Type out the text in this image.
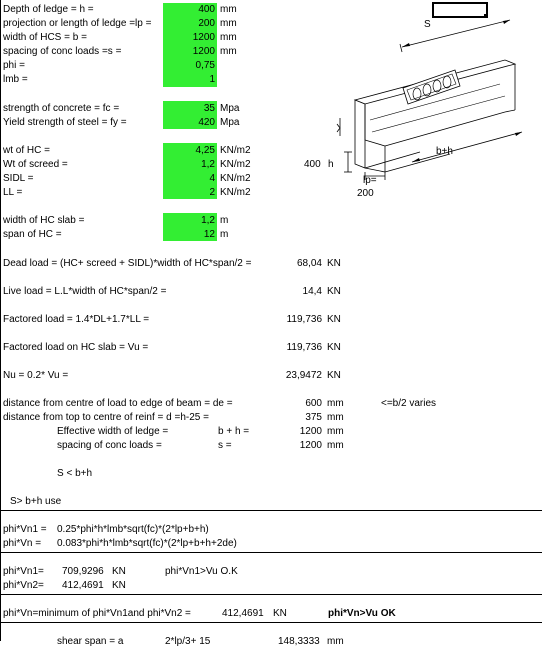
Depth of ledge = h =	400 mm
projection or length of ledge =lp =	200 mm
width of HCS = b =	1200 mm
spacing of conc loads =s =	1200 mm
phi =	0,75
lmb =	1
strength of concrete = fc =	35 Mpa
Yield strength of steel = fy =	420 Mpa
wt of HC =	4,25 KN/m2
Wt of screed =	1,2 KN/m2
SIDL =	4 KN/m2
LL =	2 KN/m2
width of HC slab =	1,2 m
span of HC =	12 m
S
b+h
400 h
lp=
200
Dead load = (HC+ screed + SIDL)*width of HC*span/2 =	68,04 KN
Live load = L.L*width of HC*span/2 =	14,4 KN
Factored load = 1.4*DL+1.7*LL =	119,736 KN
Factored load on HC slab = Vu =	119,736 KN
Nu = 0.2* Vu =	23,9472 KN
distance from centre of load to edge of beam = de =	600 mm	<=b/2 varies
distance from top to centre of reinf = d =h-25 =	375 mm
Effective width of ledge =	b + h =	1200 mm
spacing of conc loads =	s =	1200 mm
S < b+h
S> b+h use
phi*Vn1 = 0.25*phi*h*lmb*sqrt(fc)*(2*lp+b+h)
phi*Vn = 0.083*phi*h*lmb*sqrt(fc)*(2*lp+b+h+2de)
phi*Vn1= 709,9296 KN	phi*Vn1>Vu O.K
phi*Vn2= 412,4691 KN
phi*Vn=minimum of phi*Vn1and phi*Vn2 =	412,4691 KN	phi*Vn>Vu OK
shear span = a	2*lp/3+ 15	148,3333 mm
